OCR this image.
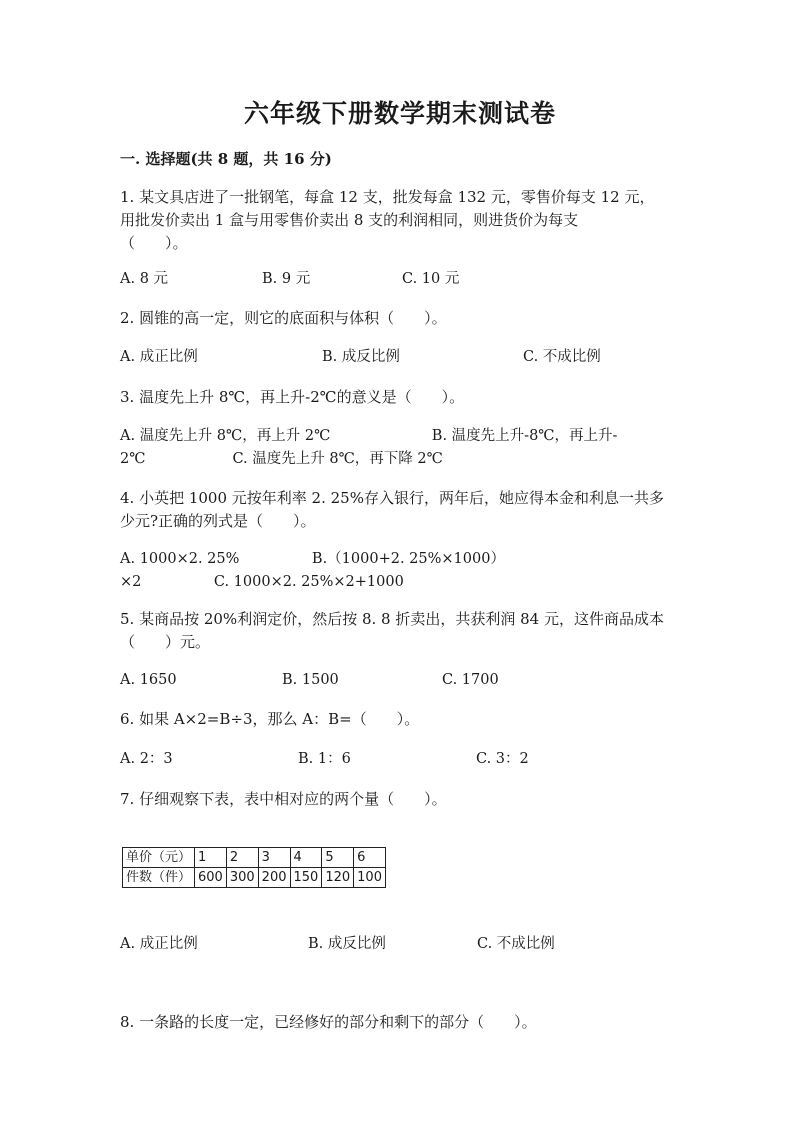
六年级下册数学期末测试卷
一. 选择题(共 8 题，共 16 分)
1. 某文具店进了一批钢笔，每盒 12 支，批发每盒 132 元，零售价每支 12 元，
用批发价卖出 1 盒与用零售价卖出 8 支的利润相同，则进货价为每支
（　　）。
A. 8 元	B. 9 元	C. 10 元
2. 圆锥的高一定，则它的底面积与体积（　　）。
A. 成正比例	B. 成反比例	C. 不成比例
3. 温度先上升 8℃，再上升-2℃的意义是（　　）。
A. 温度先上升 8℃，再上升 2℃　　　　　　　B. 温度先上升-8℃，再上升-
2℃　　　　　　C. 温度先上升 8℃，再下降 2℃
4. 小英把 1000 元按年利率 2. 25%存入银行，两年后，她应得本金和利息一共多
少元?正确的列式是（　　）。
A. 1000×2. 25%　　　　　B.（1000+2. 25%×1000）
×2　　　　　C. 1000×2. 25%×2+1000
5. 某商品按 20%利润定价，然后按 8. 8 折卖出，共获利润 84 元，这件商品成本
（　　）元。
A. 1650	B. 1500	C. 1700
6. 如果 A×2=B÷3，那么 A：B=（　　）。
A. 2：3	B. 1：6	C. 3：2
7. 仔细观察下表，表中相对应的两个量（　　）。
单价（元）	1	2	3	4	5	6
件数（件）	600	300	200	150	120	100
A. 成正比例	B. 成反比例	C. 不成比例
8. 一条路的长度一定，已经修好的部分和剩下的部分（　　）。
